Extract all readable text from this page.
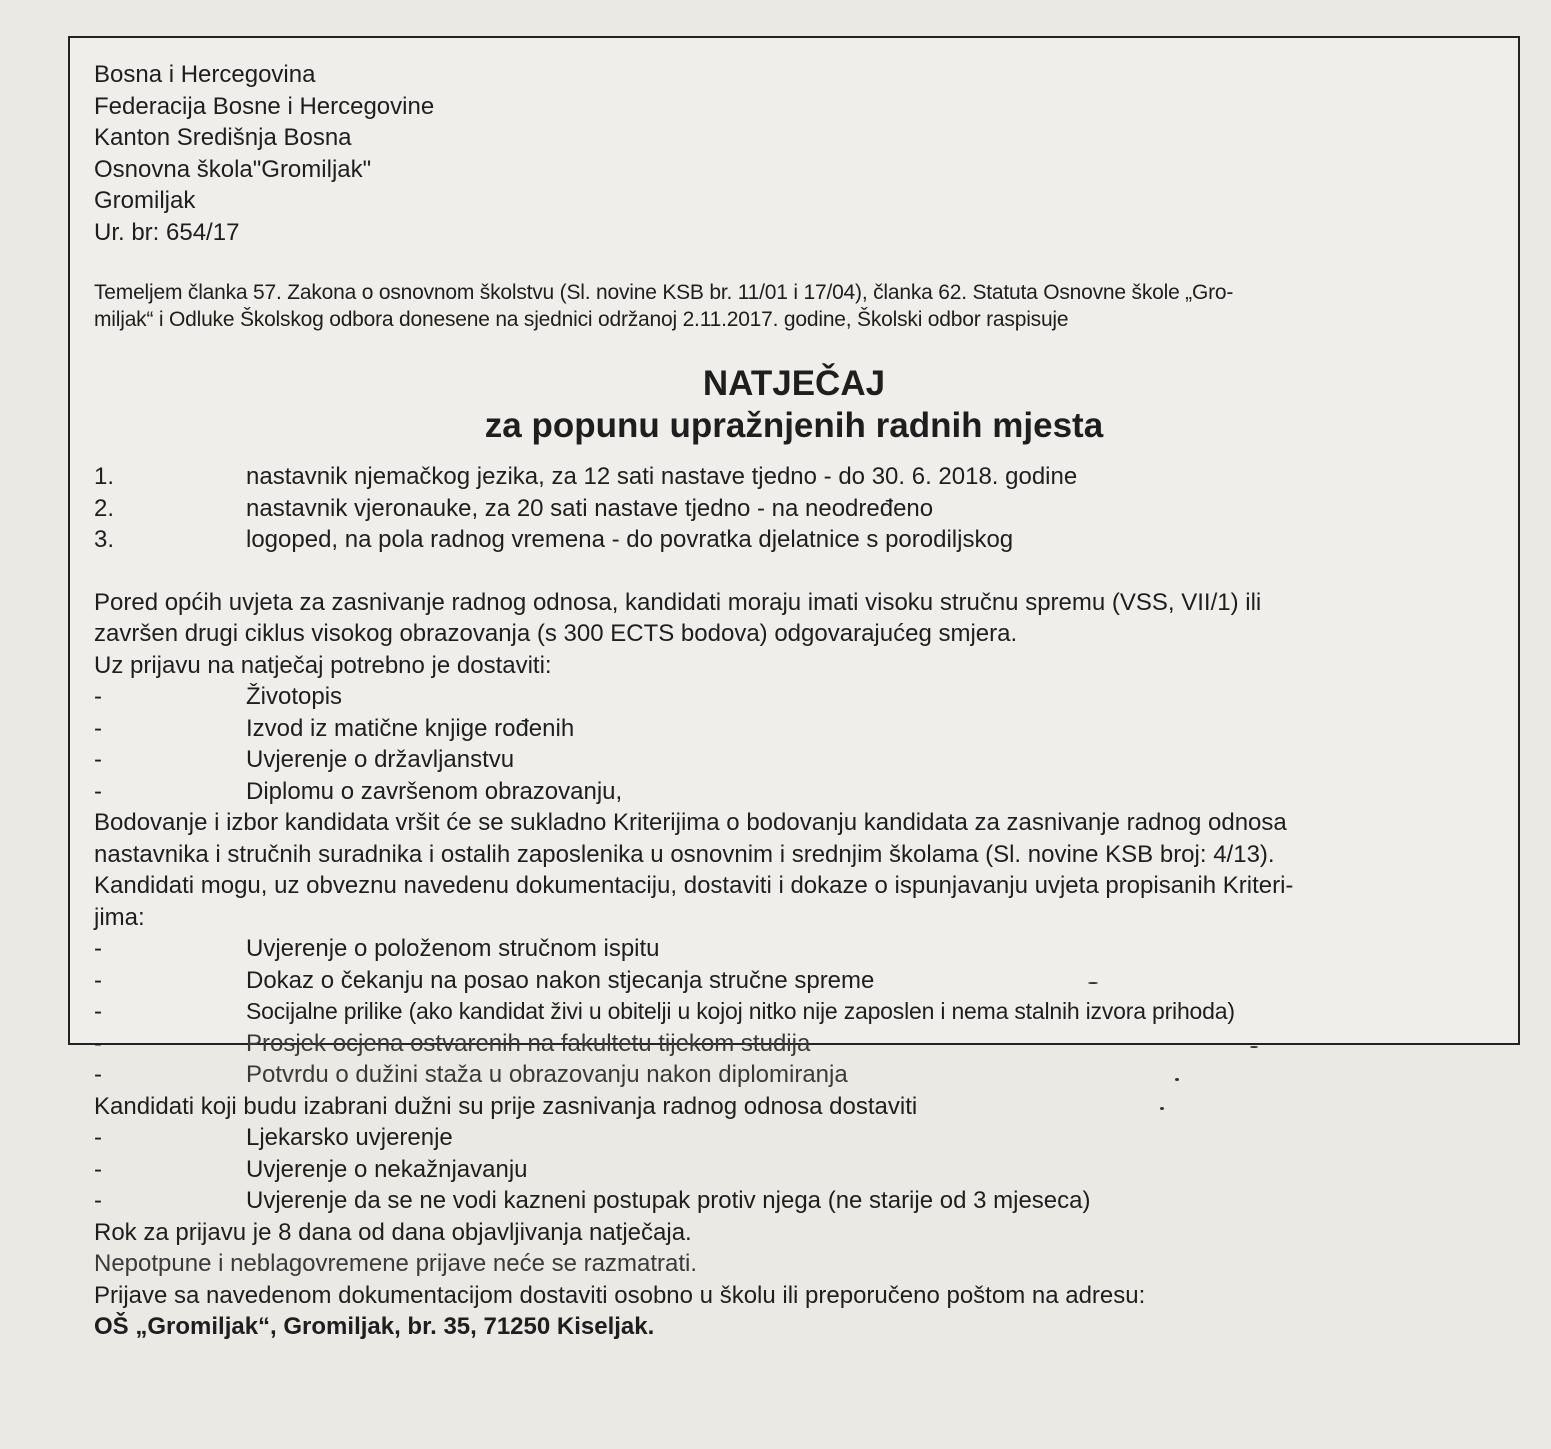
Bosna i Hercegovina
Federacija Bosne i Hercegovine
Kanton Središnja Bosna
Osnovna škola"Gromiljak"
Gromiljak
Ur. br: 654/17
Temeljem članka 57. Zakona o osnovnom školstvu (Sl. novine KSB br. 11/01 i 17/04), članka 62. Statuta Osnovne škole „Gro-
miljak“ i Odluke Školskog odbora donesene na sjednici održanoj 2.11.2017. godine, Školski odbor raspisuje
NATJEČAJ
za popunu upražnjenih radnih mjesta
1.	nastavnik njemačkog jezika, za 12 sati nastave tjedno - do 30. 6. 2018. godine
2.	nastavnik vjeronauke, za 20 sati nastave tjedno - na neodređeno
3.	logoped, na pola radnog vremena - do povratka djelatnice s porodiljskog
Pored općih uvjeta za zasnivanje radnog odnosa, kandidati moraju imati visoku stručnu spremu (VSS, VII/1) ili
završen drugi ciklus visokog obrazovanja (s 300 ECTS bodova) odgovarajućeg smjera.
Uz prijavu na natječaj potrebno je dostaviti:
-	Životopis
-	Izvod iz matične knjige rođenih
-	Uvjerenje o državljanstvu
-	Diplomu o završenom obrazovanju,
Bodovanje i izbor kandidata vršit će se sukladno Kriterijima o bodovanju kandidata za zasnivanje radnog odnosa
nastavnika i stručnih suradnika i ostalih zaposlenika u osnovnim i srednjim školama (Sl. novine KSB broj: 4/13).
Kandidati mogu, uz obveznu navedenu dokumentaciju, dostaviti i dokaze o ispunjavanju uvjeta propisanih Kriteri-
jima:
-	Uvjerenje o položenom stručnom ispitu
-	Dokaz o čekanju na posao nakon stjecanja stručne spreme
-	Socijalne prilike (ako kandidat živi u obitelji u kojoj nitko nije zaposlen i nema stalnih izvora prihoda)
-	Prosjek ocjena ostvarenih na fakultetu tijekom studija
-	Potvrdu o dužini staža u obrazovanju nakon diplomiranja
Kandidati koji budu izabrani dužni su prije zasnivanja radnog odnosa dostaviti
-	Ljekarsko uvjerenje
-	Uvjerenje o nekažnjavanju
-	Uvjerenje da se ne vodi kazneni postupak protiv njega (ne starije od 3 mjeseca)
Rok za prijavu je 8 dana od dana objavljivanja natječaja.
Nepotpune i neblagovremene prijave neće se razmatrati.
Prijave sa navedenom dokumentacijom dostaviti osobno u školu ili preporučeno poštom na adresu:
OŠ „Gromiljak“, Gromiljak, br. 35, 71250 Kiseljak.
